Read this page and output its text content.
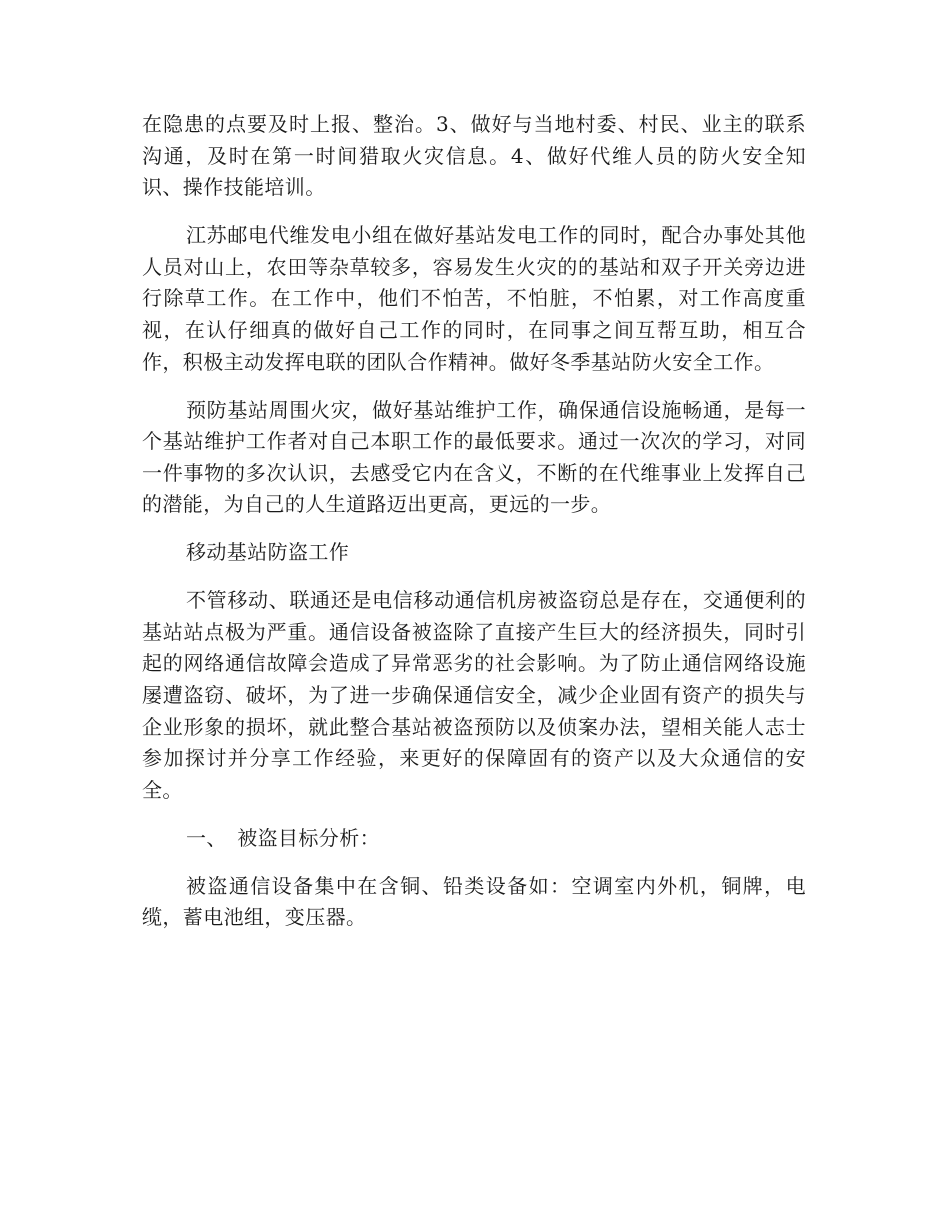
在隐患的点要及时上报、整治。3、做好与当地村委、村民、业主的联系沟通，及时在第一时间猎取火灾信息。4、做好代维人员的防火安全知识、操作技能培训。

江苏邮电代维发电小组在做好基站发电工作的同时，配合办事处其他人员对山上，农田等杂草较多，容易发生火灾的的基站和双子开关旁边进行除草工作。在工作中，他们不怕苦，不怕脏，不怕累，对工作高度重视，在认仔细真的做好自己工作的同时，在同事之间互帮互助，相互合作，积极主动发挥电联的团队合作精神。做好冬季基站防火安全工作。

预防基站周围火灾，做好基站维护工作，确保通信设施畅通，是每一个基站维护工作者对自己本职工作的最低要求。通过一次次的学习，对同一件事物的多次认识，去感受它内在含义，不断的在代维事业上发挥自己的潜能，为自己的人生道路迈出更高，更远的一步。

移动基站防盗工作

不管移动、联通还是电信移动通信机房被盗窃总是存在，交通便利的基站站点极为严重。通信设备被盗除了直接产生巨大的经济损失，同时引起的网络通信故障会造成了异常恶劣的社会影响。为了防止通信网络设施屡遭盗窃、破坏，为了进一步确保通信安全，减少企业固有资产的损失与企业形象的损坏，就此整合基站被盗预防以及侦案办法，望相关能人志士参加探讨并分享工作经验，来更好的保障固有的资产以及大众通信的安全。

一、　被盗目标分析：

被盗通信设备集中在含铜、铅类设备如：空调室内外机，铜牌，电缆，蓄电池组，变压器。
